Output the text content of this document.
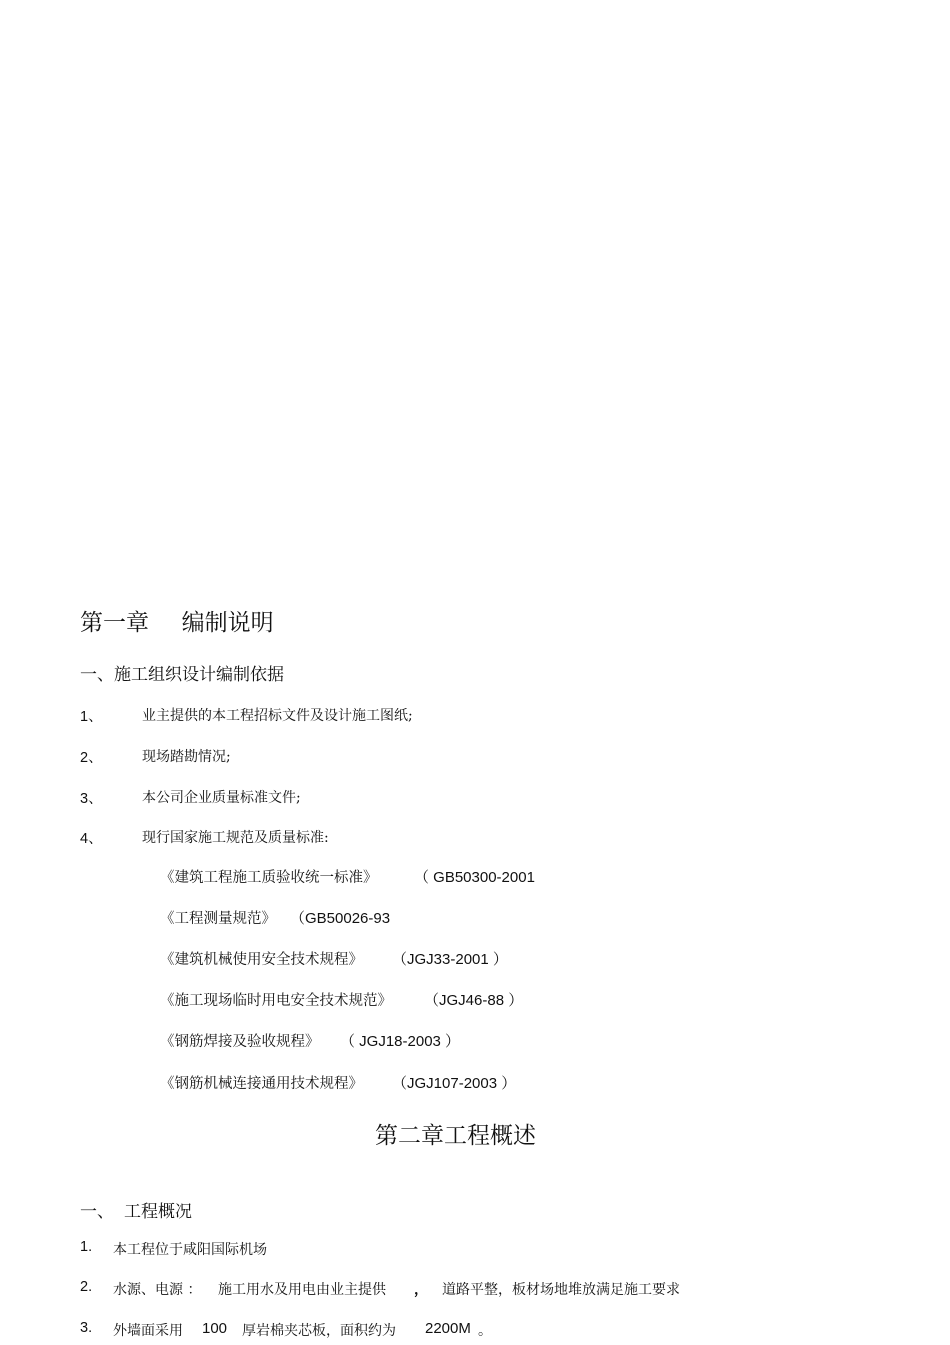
第一章 编制说明
一、施工组织设计编制依据
1、	业主提供的本工程招标文件及设计施工图纸;
2、	现场踏勘情况;
3、	本公司企业质量标准文件;
4、	现行国家施工规范及质量标准:
《建筑工程施工质验收统一标准》 （ GB50300-2001
《工程测量规范》 （GB50026-93
《建筑机械使用安全技术规程》 （JGJ33-2001 ）
《施工现场临时用电安全技术规范》 （JGJ46-88 ）
《钢筋焊接及验收规程》 （ JGJ18-2003 ）
《钢筋机械连接通用技术规程》 （JGJ107-2003 ）
第二章工程概述
一、 工程概况
1. 本工程位于咸阳国际机场
2. 水源、电源 ： 施工用水及用电由业主提供 ， 道路平整，板材场地堆放满足施工要求
3. 外墙面采用 100 厚岩棉夹芯板，面积约为 2200M 。
